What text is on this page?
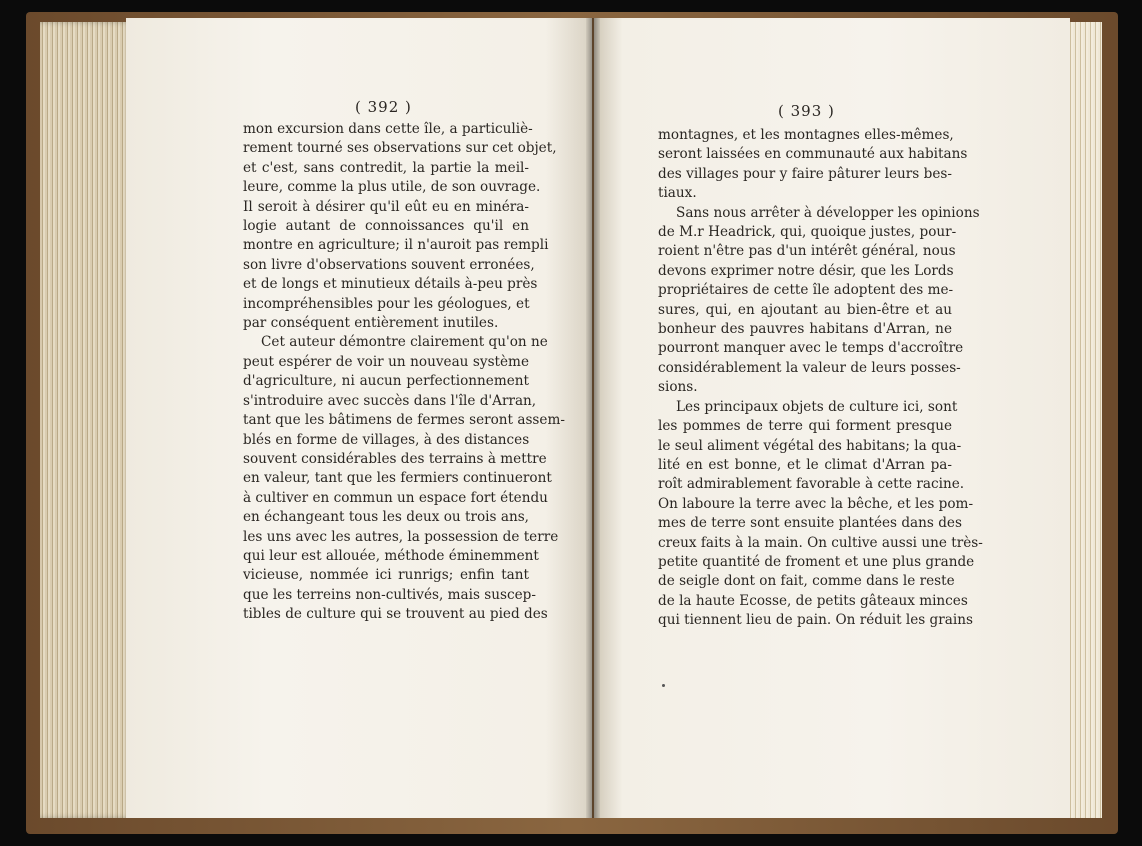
( 392 )	( 393 )
mon excursion dans cette île, a particuliè-
rement tourné ses observations sur cet objet,
et c'est, sans contredit, la partie la meil-
leure, comme la plus utile, de son ouvrage.
Il seroit à désirer qu'il eût eu en minéra-
logie autant de connoissances qu'il en
montre en agriculture; il n'auroit pas rempli
son livre d'observations souvent erronées,
et de longs et minutieux détails à-peu près
incompréhensibles pour les géologues, et
par conséquent entièrement inutiles.
Cet auteur démontre clairement qu'on ne
peut espérer de voir un nouveau système
d'agriculture, ni aucun perfectionnement
s'introduire avec succès dans l'île d'Arran,
tant que les bâtimens de fermes seront assem-
blés en forme de villages, à des distances
souvent considérables des terrains à mettre
en valeur, tant que les fermiers continueront
à cultiver en commun un espace fort étendu
en échangeant tous les deux ou trois ans,
les uns avec les autres, la possession de terre
qui leur est allouée, méthode éminemment
vicieuse, nommée ici runrigs; enfin tant
que les terreins non-cultivés, mais suscep-
tibles de culture qui se trouvent au pied des
montagnes, et les montagnes elles-mêmes,
seront laissées en communauté aux habitans
des villages pour y faire pâturer leurs bes-
tiaux.
Sans nous arrêter à développer les opinions
de M.r Headrick, qui, quoique justes, pour-
roient n'être pas d'un intérêt général, nous
devons exprimer notre désir, que les Lords
propriétaires de cette île adoptent des me-
sures, qui, en ajoutant au bien-être et au
bonheur des pauvres habitans d'Arran, ne
pourront manquer avec le temps d'accroître
considérablement la valeur de leurs posses-
sions.
Les principaux objets de culture ici, sont
les pommes de terre qui forment presque
le seul aliment végétal des habitans; la qua-
lité en est bonne, et le climat d'Arran pa-
roît admirablement favorable à cette racine.
On laboure la terre avec la bêche, et les pom-
mes de terre sont ensuite plantées dans des
creux faits à la main. On cultive aussi une très-
petite quantité de froment et une plus grande
de seigle dont on fait, comme dans le reste
de la haute Ecosse, de petits gâteaux minces
qui tiennent lieu de pain. On réduit les grains
